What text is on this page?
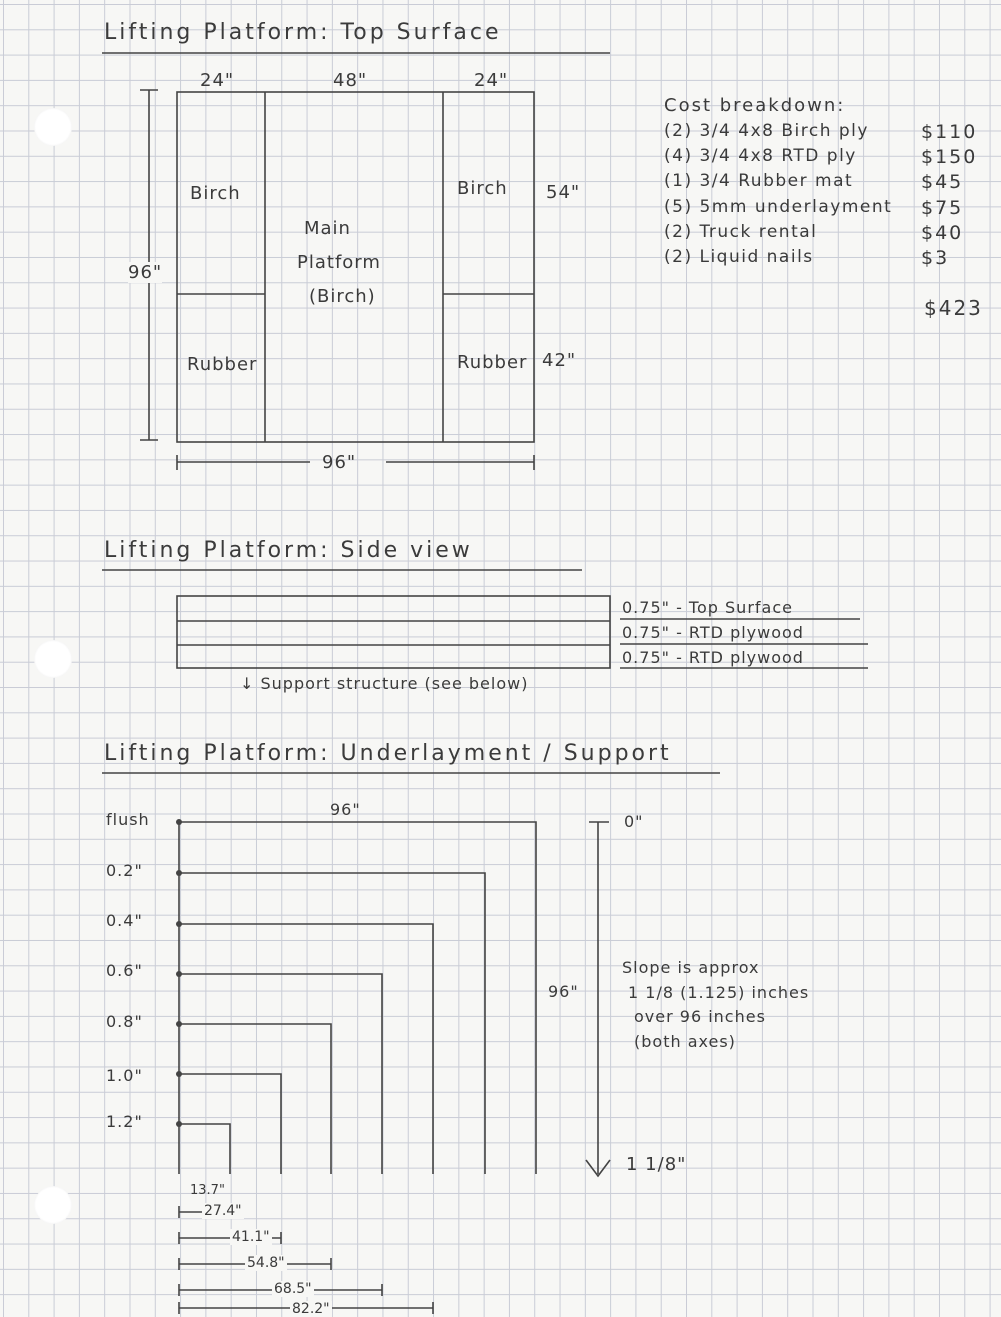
Lifting Platform: Top Surface
24"	48"	24"
96"
96"
54"
42"
Birch
Rubber
Main
Platform
(Birch)
Birch
Rubber
Cost breakdown:
(2) 3/4 4x8 Birch ply	$110
(4) 3/4 4x8 RTD ply	$150
(1) 3/4 Rubber mat	$45
(5) 5mm underlayment $75
(2) Truck rental	$40
(2) Liquid nails	$3
$423
Lifting Platform: Side view
0.75" - Top Surface
0.75" - RTD plywood
0.75" - RTD plywood
↓ Support structure (see below)
Lifting Platform: Underlayment / Support
96"
96"
flush
0.2"
0.4"
0.6"
0.8"
1.0"
1.2"
0"
1 1/8"
Slope is approx
1 1/8 (1.125) inches
over 96 inches
(both axes)
13.7"
27.4"
41.1"
54.8"
68.5"
82.2"
